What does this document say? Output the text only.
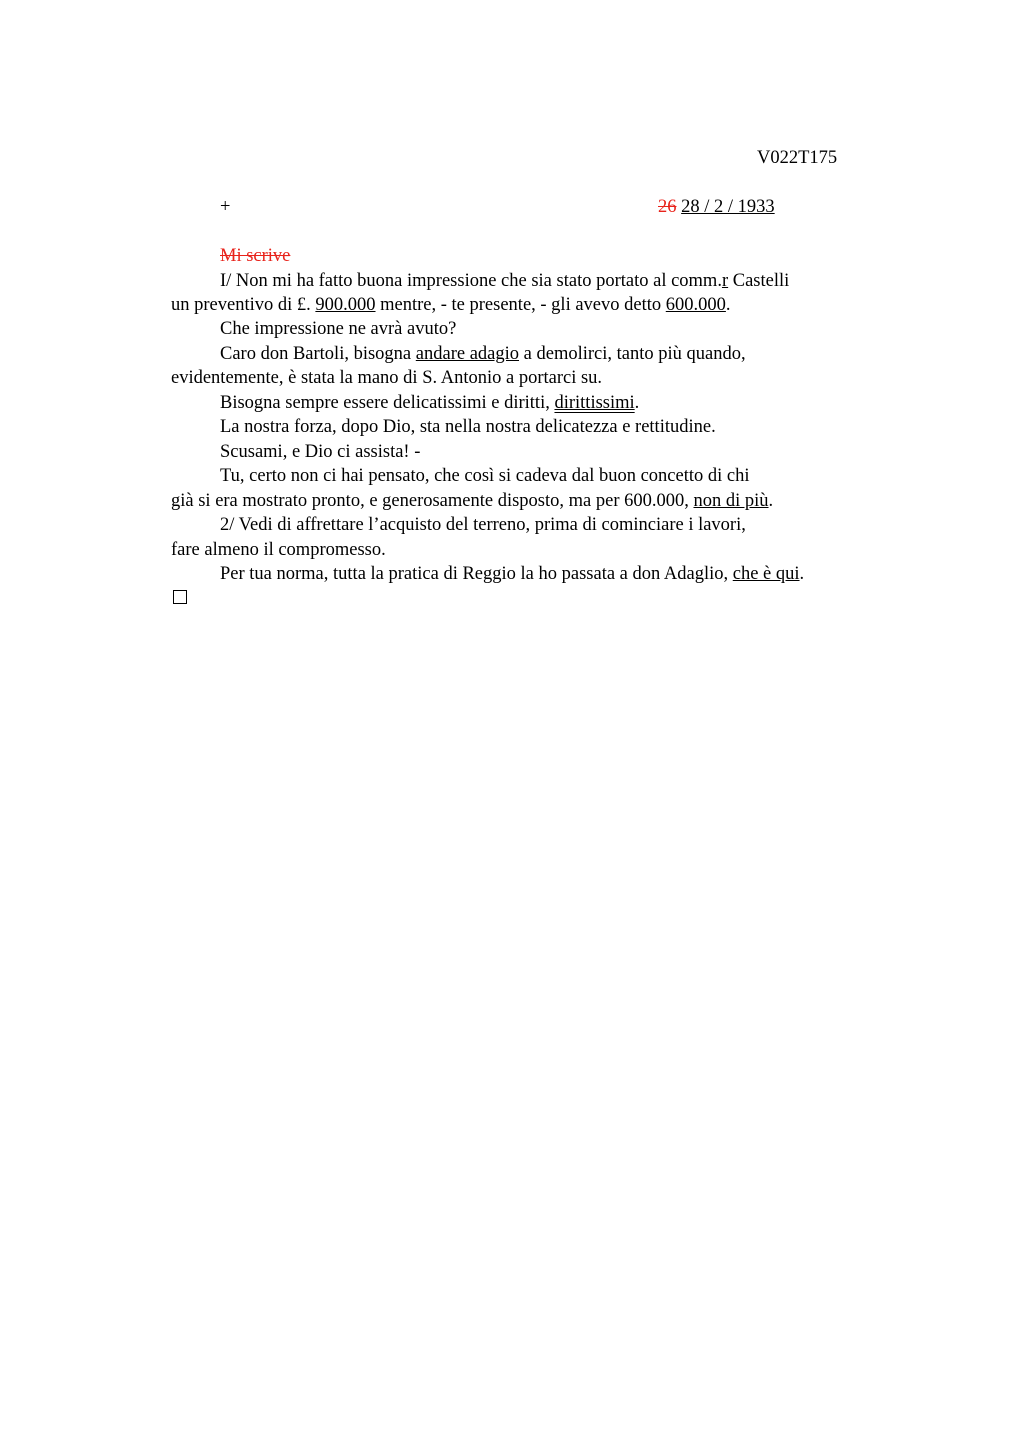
V022T175
+	26 28 / 2 / 1933
Mi scrive
I/ Non mi ha fatto buona impressione che sia stato portato al comm.r Castelli
un preventivo di £. 900.000 mentre, - te presente, - gli avevo detto 600.000.
Che impressione ne avrà avuto?
Caro don Bartoli, bisogna andare adagio a demolirci, tanto più quando,
evidentemente, è stata la mano di S. Antonio a portarci su.
Bisogna sempre essere delicatissimi e diritti, dirittissimi.
La nostra forza, dopo Dio, sta nella nostra delicatezza e rettitudine.
Scusami, e Dio ci assista! -
Tu, certo non ci hai pensato, che così si cadeva dal buon concetto di chi
già si era mostrato pronto, e generosamente disposto, ma per 600.000, non di più.
2/ Vedi di affrettare l’acquisto del terreno, prima di cominciare i lavori,
fare almeno il compromesso.
Per tua norma, tutta la pratica di Reggio la ho passata a don Adaglio, che è qui.
